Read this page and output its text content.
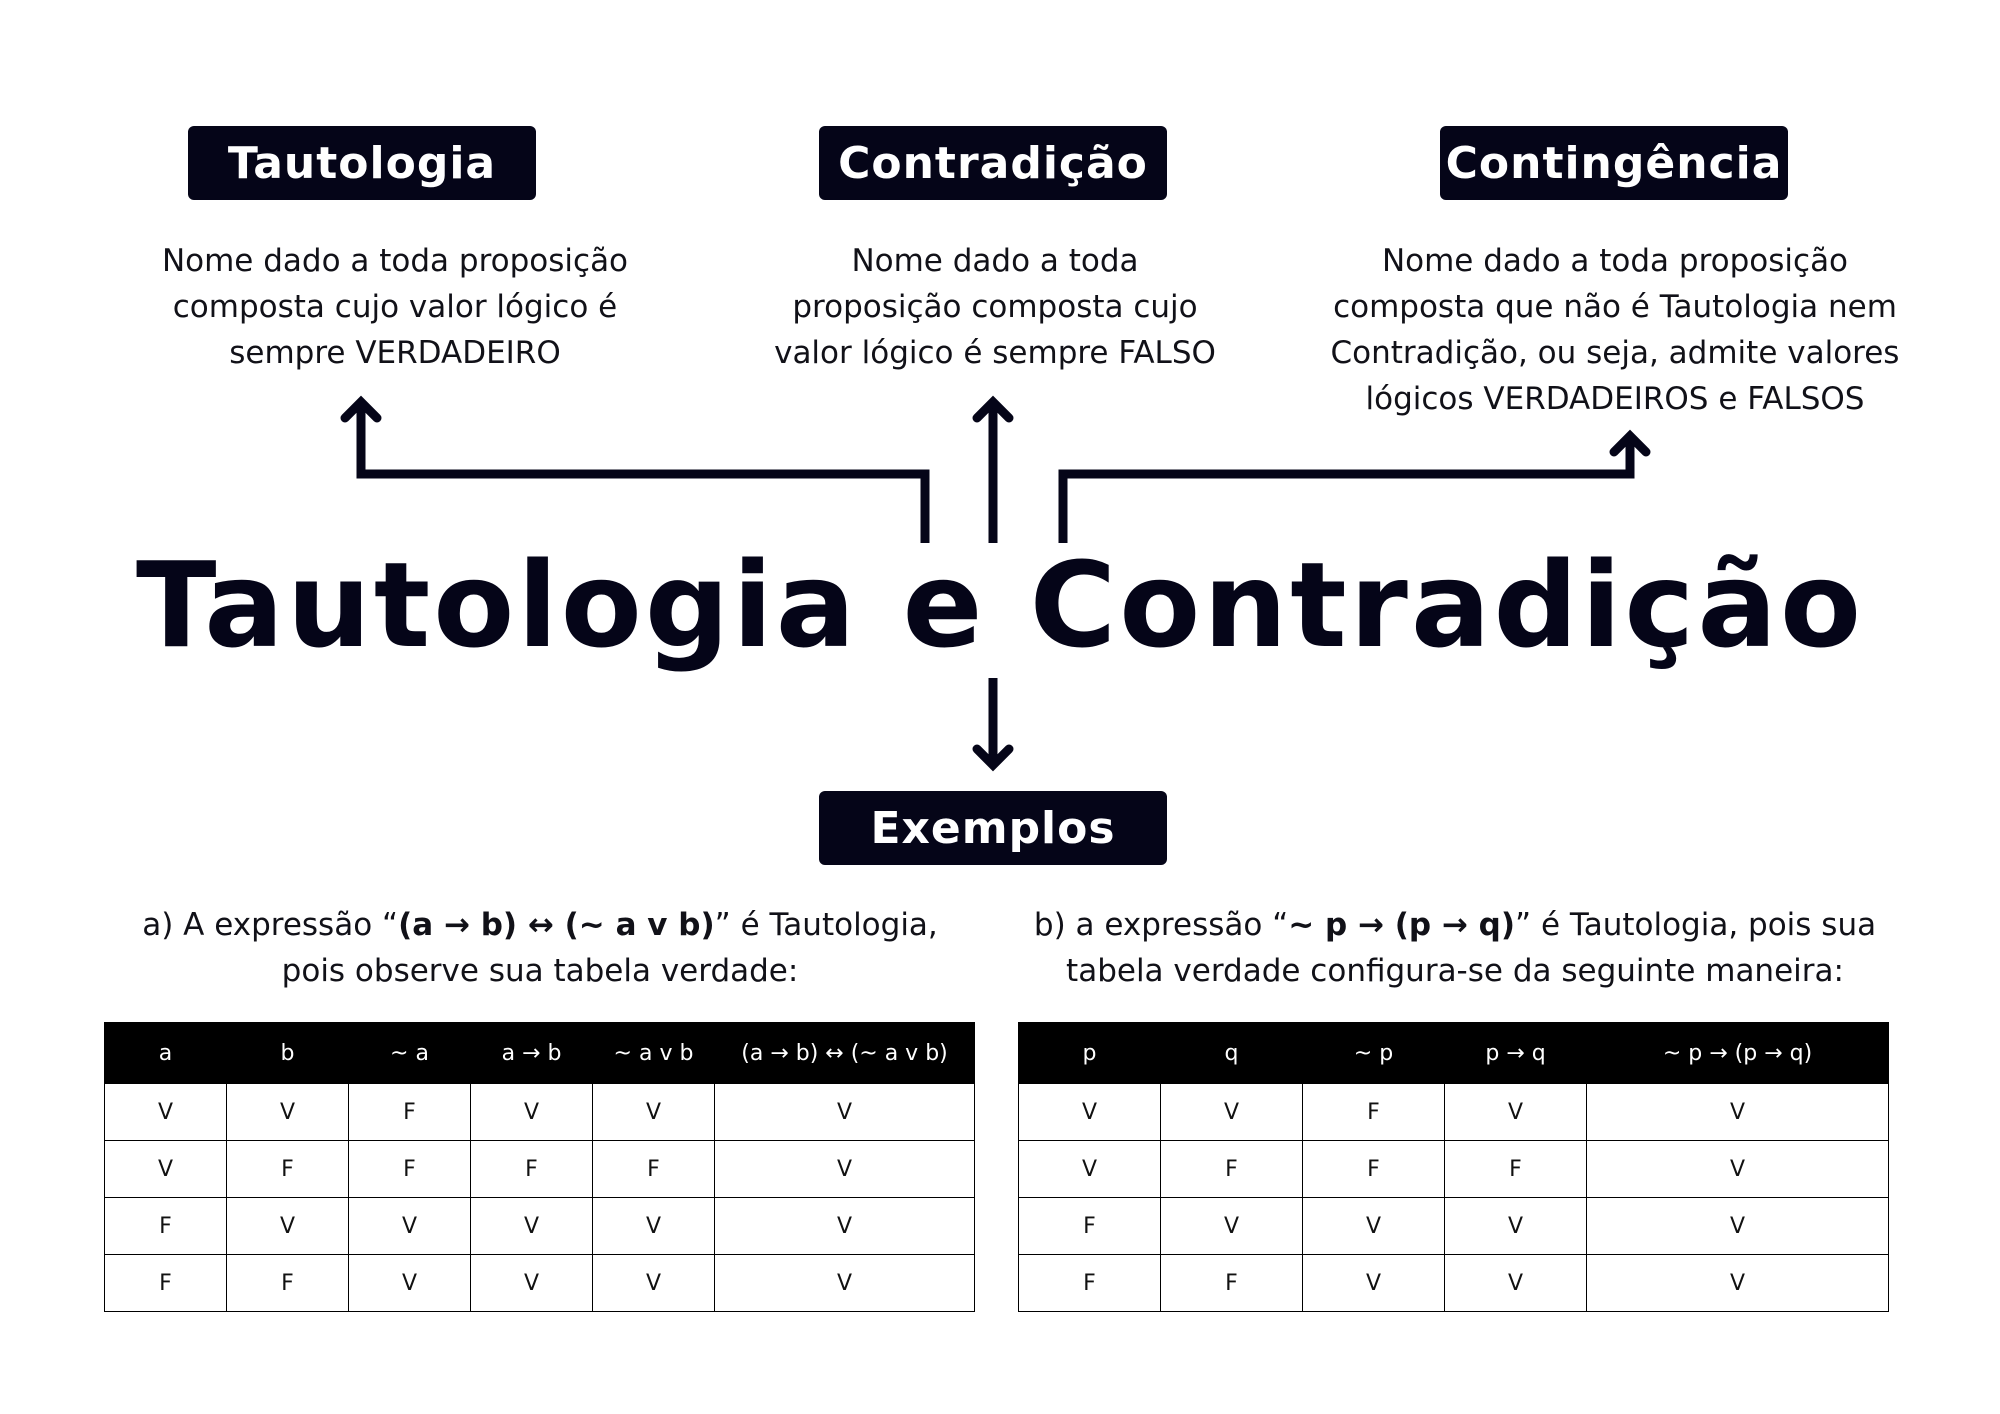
Tautologia	Contradição	Contingência
Nome dado a toda proposição
composta cujo valor lógico é
sempre VERDADEIRO
Nome dado a toda
proposição composta cujo
valor lógico é sempre FALSO
Nome dado a toda proposição
composta que não é Tautologia nem
Contradição, ou seja, admite valores
lógicos VERDADEIROS e FALSOS
Tautologia e Contradição
Exemplos
a) A expressão “(a → b) ↔ (~ a v b)” é Tautologia,
pois observe sua tabela verdade:
b) a expressão “~ p → (p → q)” é Tautologia, pois sua
tabela verdade configura-se da seguinte maneira:
a	b	~ a	a → b	~ a v b	(a → b) ↔ (~ a v b)
V	V	F	V	V	V
V	F	F	F	F	V
F	V	V	V	V	V
F	F	V	V	V	V
p	q	~ p	p → q	~ p → (p → q)
V	V	F	V	V
V	F	F	F	V
F	V	V	V	V
F	F	V	V	V
